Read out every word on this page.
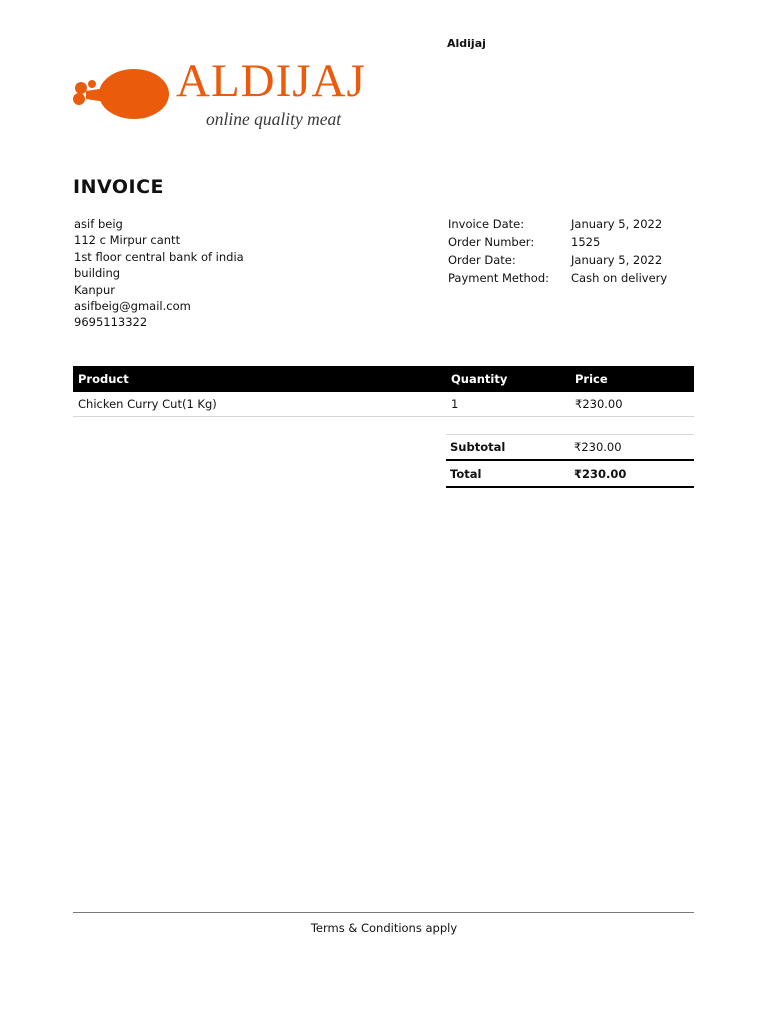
Aldijaj
ALDIJAJ
online quality meat
INVOICE
asif beig
112 c Mirpur cantt
1st floor central bank of india
building
Kanpur
asifbeig@gmail.com
9695113322
Invoice Date:	January 5, 2022
Order Number:	1525
Order Date:	January 5, 2022
Payment Method:	Cash on delivery
Product	Quantity	Price
Chicken Curry Cut(1 Kg)	1	₹230.00
Subtotal	₹230.00
Total	₹230.00
Terms & Conditions apply
